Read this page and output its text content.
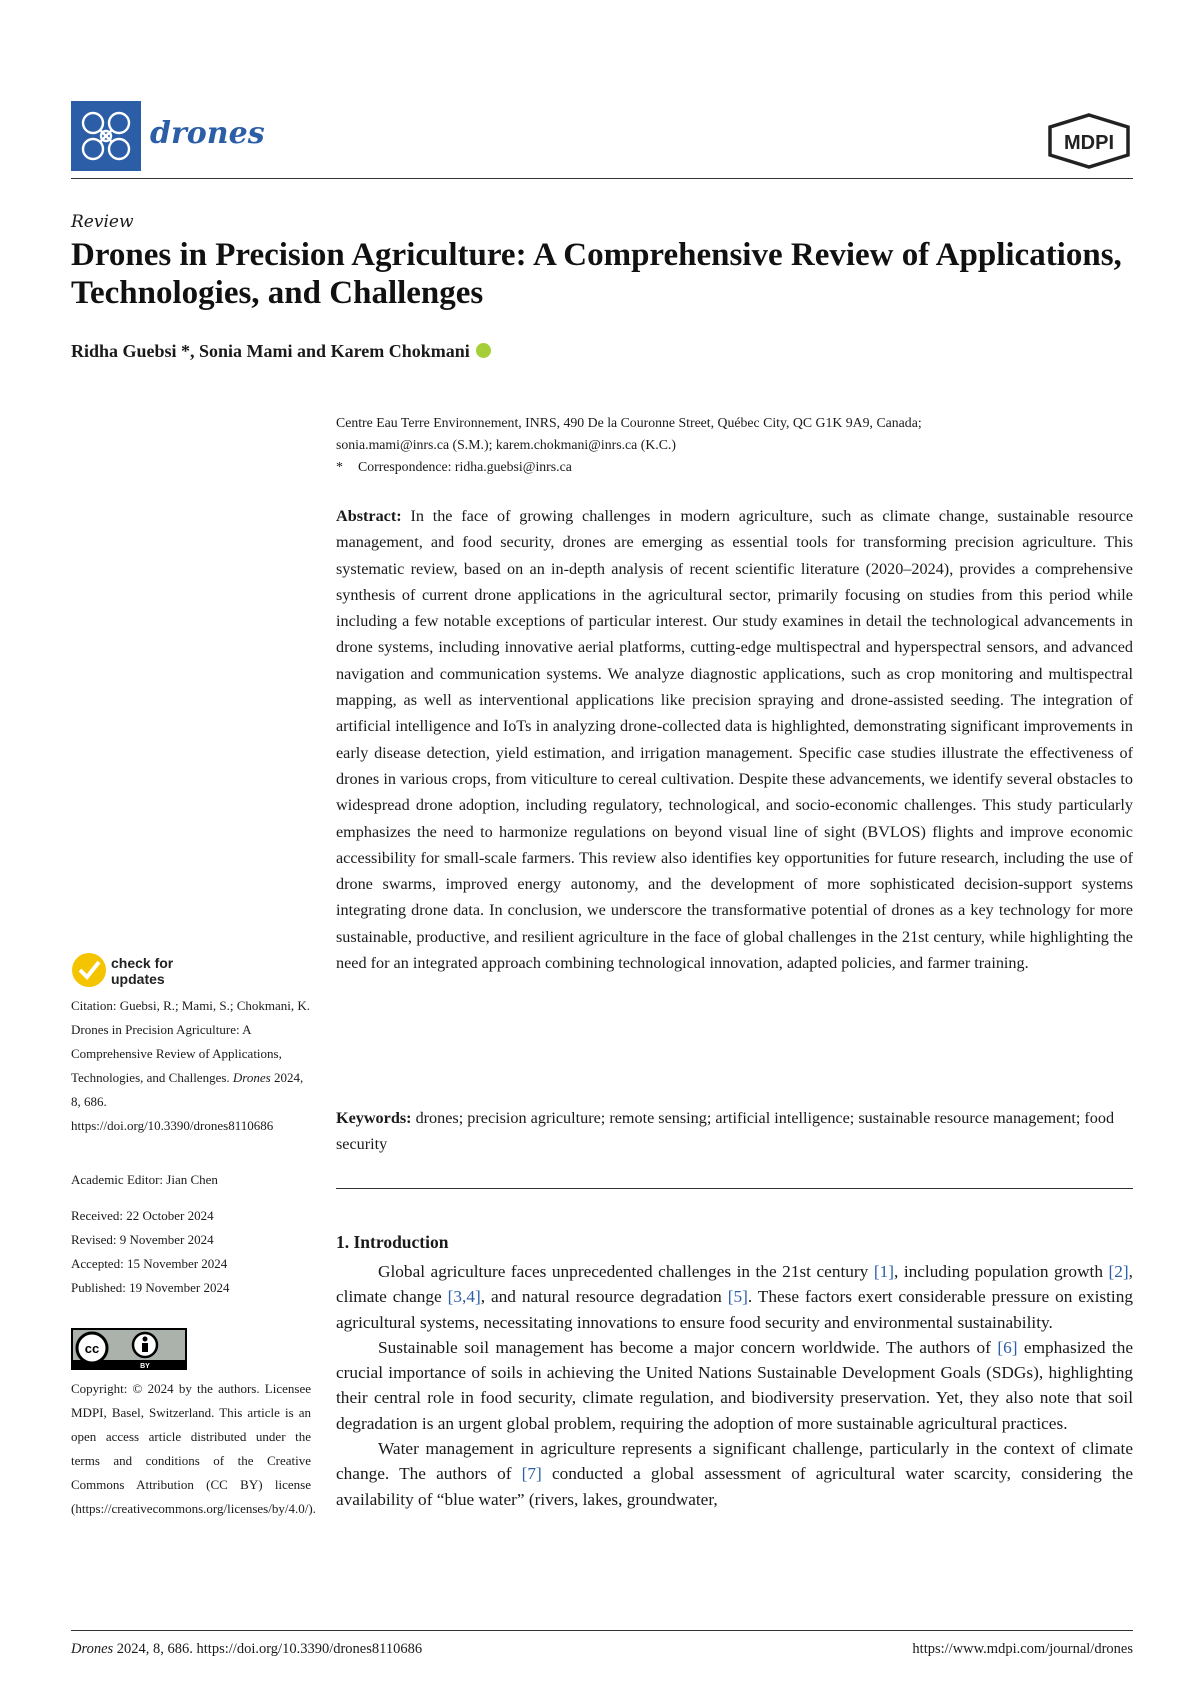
drones	MDPI
Review
Drones in Precision Agriculture: A Comprehensive Review of Applications, Technologies, and Challenges
Ridha Guebsi *, Sonia Mami and Karem Chokmani
Centre Eau Terre Environnement, INRS, 490 De la Couronne Street, Québec City, QC G1K 9A9, Canada;
sonia.mami@inrs.ca (S.M.); karem.chokmani@inrs.ca (K.C.)
* Correspondence: ridha.guebsi@inrs.ca
Abstract: In the face of growing challenges in modern agriculture, such as climate change, sustainable resource management, and food security, drones are emerging as essential tools for transforming precision agriculture. This systematic review, based on an in-depth analysis of recent scientific literature (2020–2024), provides a comprehensive synthesis of current drone applications in the agricultural sector, primarily focusing on studies from this period while including a few notable exceptions of particular interest. Our study examines in detail the technological advancements in drone systems, including innovative aerial platforms, cutting-edge multispectral and hyperspectral sensors, and advanced navigation and communication systems. We analyze diagnostic applications, such as crop monitoring and multispectral mapping, as well as interventional applications like precision spraying and drone-assisted seeding. The integration of artificial intelligence and IoTs in analyzing drone-collected data is highlighted, demonstrating significant improvements in early disease detection, yield estimation, and irrigation management. Specific case studies illustrate the effectiveness of drones in various crops, from viticulture to cereal cultivation. Despite these advancements, we identify several obstacles to widespread drone adoption, including regulatory, technological, and socio-economic challenges. This study particularly emphasizes the need to harmonize regulations on beyond visual line of sight (BVLOS) flights and improve economic accessibility for small-scale farmers. This review also identifies key opportunities for future research, including the use of drone swarms, improved energy autonomy, and the development of more sophisticated decision-support systems integrating drone data. In conclusion, we underscore the transformative potential of drones as a key technology for more sustainable, productive, and resilient agriculture in the face of global challenges in the 21st century, while highlighting the need for an integrated approach combining technological innovation, adapted policies, and farmer training.
Keywords: drones; precision agriculture; remote sensing; artificial intelligence; sustainable resource management; food security
1. Introduction

Global agriculture faces unprecedented challenges in the 21st century [1], including population growth [2], climate change [3,4], and natural resource degradation [5]. These factors exert considerable pressure on existing agricultural systems, necessitating innovations to ensure food security and environmental sustainability.

Sustainable soil management has become a major concern worldwide. The authors of [6] emphasized the crucial importance of soils in achieving the United Nations Sustainable Development Goals (SDGs), highlighting their central role in food security, climate regulation, and biodiversity preservation. Yet, they also note that soil degradation is an urgent global problem, requiring the adoption of more sustainable agricultural practices.

Water management in agriculture represents a significant challenge, particularly in the context of climate change. The authors of [7] conducted a global assessment of agricultural water scarcity, considering the availability of “blue water” (rivers, lakes, groundwater,

check for
updates
Citation: Guebsi, R.; Mami, S.; Chokmani, K. Drones in Precision Agriculture: A Comprehensive Review of Applications, Technologies, and Challenges. Drones 2024, 8, 686. https://doi.org/10.3390/drones8110686
Academic Editor: Jian Chen
Received: 22 October 2024
Revised: 9 November 2024
Accepted: 15 November 2024
Published: 19 November 2024
cc
BY
Copyright: © 2024 by the authors. Licensee MDPI, Basel, Switzerland. This article is an open access article distributed under the terms and conditions of the Creative Commons Attribution (CC BY) license (https://creativecommons.org/licenses/by/4.0/).
Drones 2024, 8, 686. https://doi.org/10.3390/drones8110686	https://www.mdpi.com/journal/drones
